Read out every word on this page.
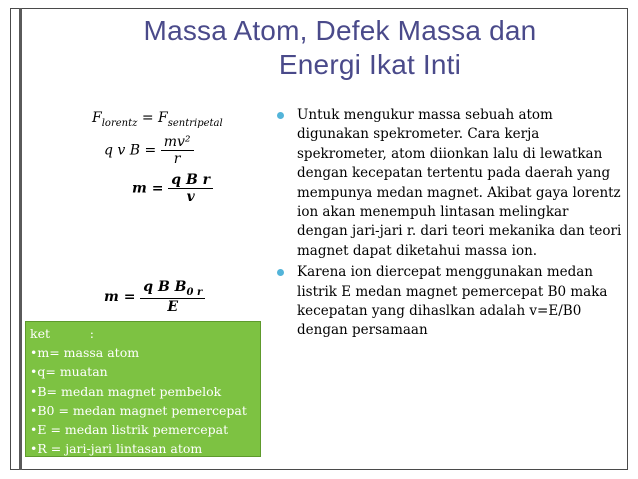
Massa Atom, Defek Massa dan
Energi Ikat Inti
$F_{lorentz} = F_{sentripetal}$
q v $B = \frac{\text{mv²}}{r}$
$m = \frac{\text{q B r}}{v}$
$m = \frac{q B B_{0 r}}{E}$
Untuk mengukur massa sebuah atom digunakan spekrometer. Cara kerja spekrometer, atom diionkan lalu di lewatkan dengan kecepatan tertentu pada daerah yang mempunya medan magnet. Akibat gaya lorentz ion akan menempuh lintasan melingkar dengan jari-jari r. dari teori mekanika dan teori magnet dapat diketahui massa ion.
Karena ion diercepat menggunakan medan listrik E medan magnet pemercepat B0 maka kecepatan yang dihaslkan adalah v=E/B0 dengan persamaan
ket          :
•m= massa atom
•q= muatan
•B= medan magnet pembelok
•B0 = medan magnet pemercepat
•E = medan listrik pemercepat
•R = jari-jari lintasan atom
